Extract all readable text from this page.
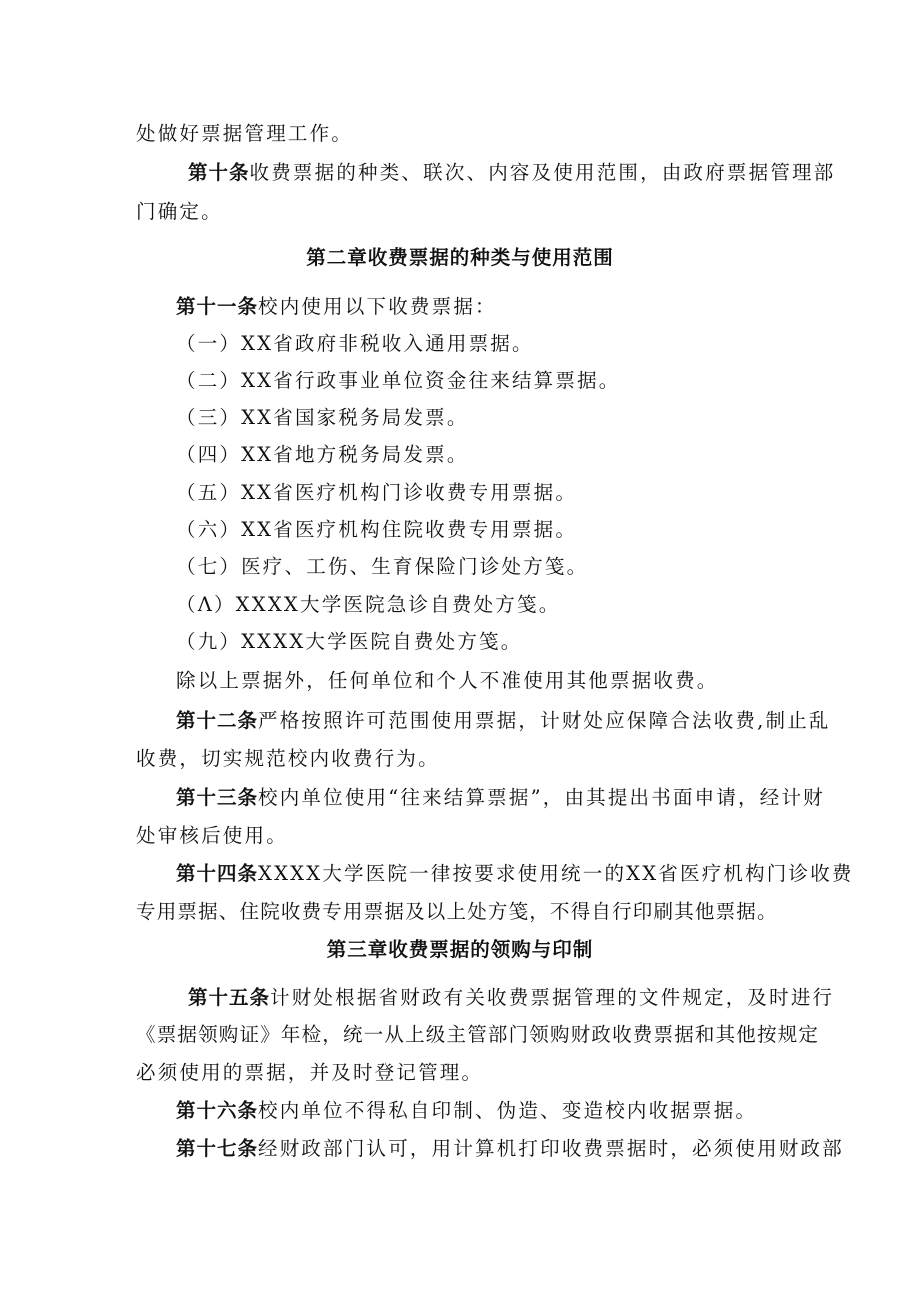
处做好票据管理工作。
第十条收费票据的种类、联次、内容及使用范围，由政府票据管理部
门确定。
第二章收费票据的种类与使用范围
第十一条校内使用以下收费票据：
（一）XX省政府非税收入通用票据。
（二）XX省行政事业单位资金往来结算票据。
（三）XX省国家税务局发票。
（四）XX省地方税务局发票。
（五）XX省医疗机构门诊收费专用票据。
（六）XX省医疗机构住院收费专用票据。
（七）医疗、工伤、生育保险门诊处方笺。
（Λ）XXXX大学医院急诊自费处方笺。
（九）XXXX大学医院自费处方笺。
除以上票据外，任何单位和个人不准使用其他票据收费。
第十二条严格按照许可范围使用票据，计财处应保障合法收费,制止乱
收费，切实规范校内收费行为。
第十三条校内单位使用“往来结算票据”，由其提出书面申请，经计财
处审核后使用。
第十四条XXXX大学医院一律按要求使用统一的XX省医疗机构门诊收费
专用票据、住院收费专用票据及以上处方笺，不得自行印刷其他票据。
第三章收费票据的领购与印制
第十五条计财处根据省财政有关收费票据管理的文件规定，及时进行
《票据领购证》年检，统一从上级主管部门领购财政收费票据和其他按规定
必须使用的票据，并及时登记管理。
第十六条校内单位不得私自印制、伪造、变造校内收据票据。
第十七条经财政部门认可，用计算机打印收费票据时，必须使用财政部
